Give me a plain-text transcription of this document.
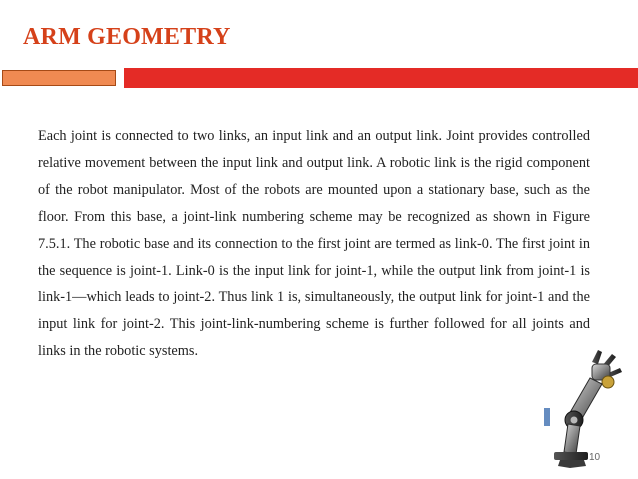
ARM GEOMETRY

Each joint is connected to two links, an input link and an output link. Joint provides controlled relative movement between the input link and output link. A robotic link is the rigid component of the robot manipulator. Most of the robots are mounted upon a stationary base, such as the floor. From this base, a joint-link numbering scheme may be recognized as shown in Figure 7.5.1. The robotic base and its connection to the first joint are termed as link-0. The first joint in the sequence is joint-1. Link-0 is the input link for joint-1, while the output link from joint-1 is link-1—which leads to joint-2. Thus link 1 is, simultaneously, the output link for joint-1 and the input link for joint-2. This joint-link-numbering scheme is further followed for all joints and links in the robotic systems.

10
